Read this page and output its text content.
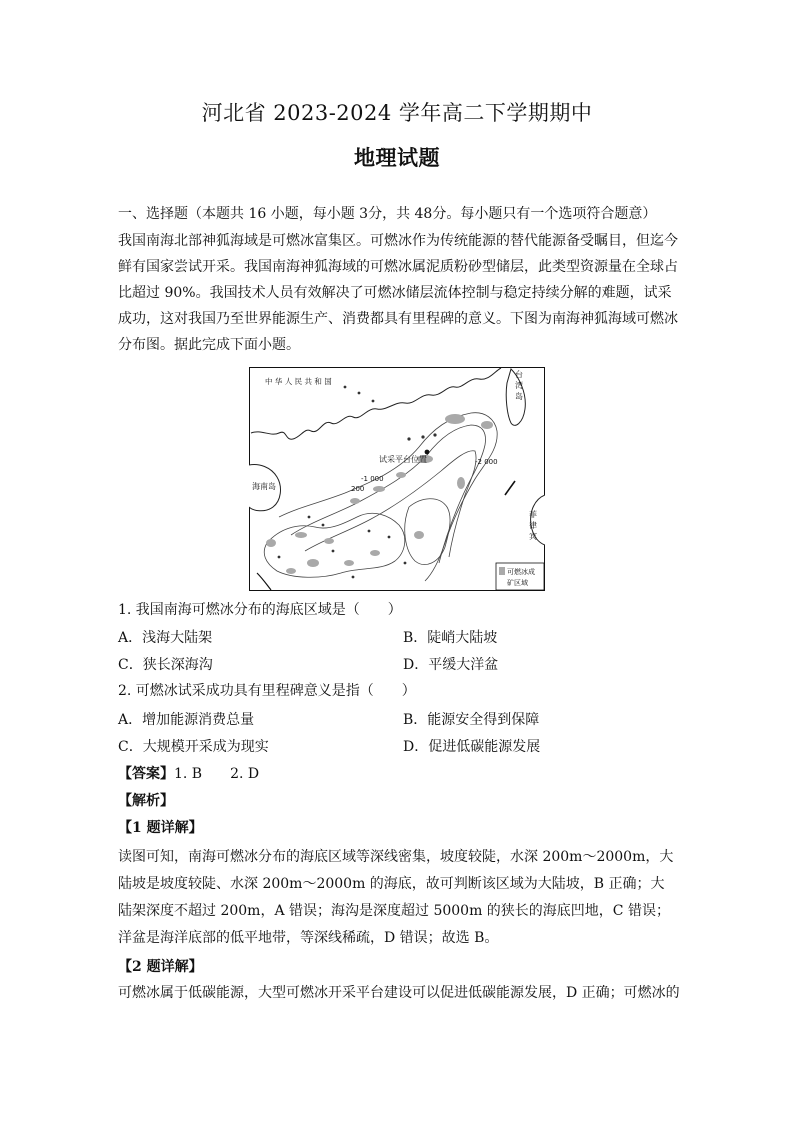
河北省 2023-2024 学年高二下学期期中
地理试题
一、选择题（本题共 16 小题，每小题 3分，共 48分。每小题只有一个选项符合题意）
我国南海北部神狐海域是可燃冰富集区。可燃冰作为传统能源的替代能源备受瞩目，但迄今鲜有国家尝试开采。我国南海神狐海域的可燃冰属泥质粉砂型储层，此类型资源量在全球占比超过 90%。我国技术人员有效解决了可燃冰储层流体控制与稳定持续分解的难题，试采成功，这对我国乃至世界能源生产、消费都具有里程碑的意义。下图为南海神狐海域可燃冰分布图。据此完成下面小题。
中 华 人 民 共 和 国
台
湾
岛
海南岛
试采平台位置
200
-1 000
-2 000
菲
律
宾
可燃冰成
矿区域
1. 我国南海可燃冰分布的海底区域是（　　）
A．浅海大陆架	B．陡峭大陆坡
C．狭长深海沟	D．平缓大洋盆
2. 可燃冰试采成功具有里程碑意义是指（　　）
A．增加能源消费总量	B．能源安全得到保障
C．大规模开采成为现实	D．促进低碳能源发展
【答案】1. B　　2. D
【解析】
【1 题详解】
读图可知，南海可燃冰分布的海底区域等深线密集，坡度较陡，水深 200m～2000m，大陆坡是坡度较陡、水深 200m～2000m 的海底，故可判断该区域为大陆坡，B 正确；大陆架深度不超过 200m，A 错误；海沟是深度超过 5000m 的狭长的海底凹地，C 错误；洋盆是海洋底部的低平地带，等深线稀疏，D 错误；故选 B。
【2 题详解】
可燃冰属于低碳能源，大型可燃冰开采平台建设可以促进低碳能源发展，D 正确；可燃冰的
